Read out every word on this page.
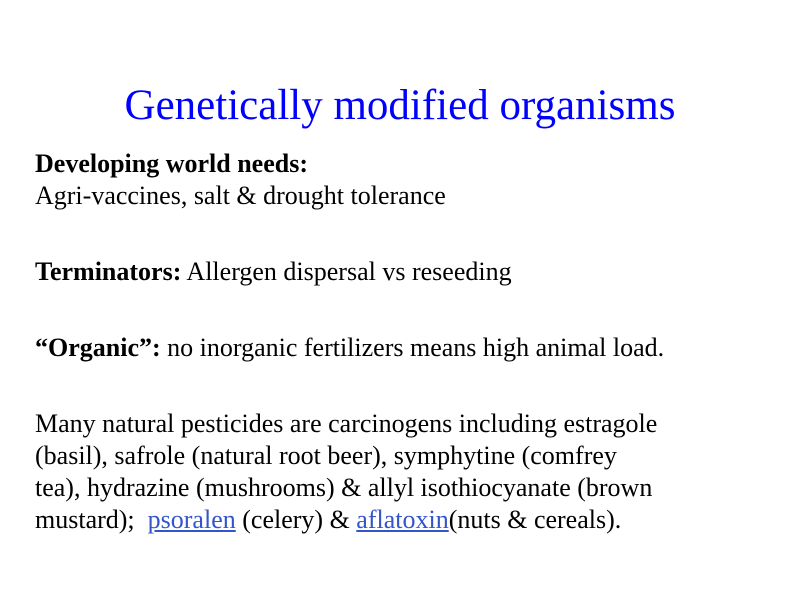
Genetically modified organisms
Developing world needs:
Agri-vaccines, salt & drought tolerance
Terminators: Allergen dispersal vs reseeding
“Organic”: no inorganic fertilizers means high animal load.
Many natural pesticides are carcinogens including estragole
(basil), safrole (natural root beer), symphytine (comfrey
tea), hydrazine (mushrooms) & allyl isothiocyanate (brown
mustard);  psoralen (celery) & aflatoxin(nuts & cereals).
